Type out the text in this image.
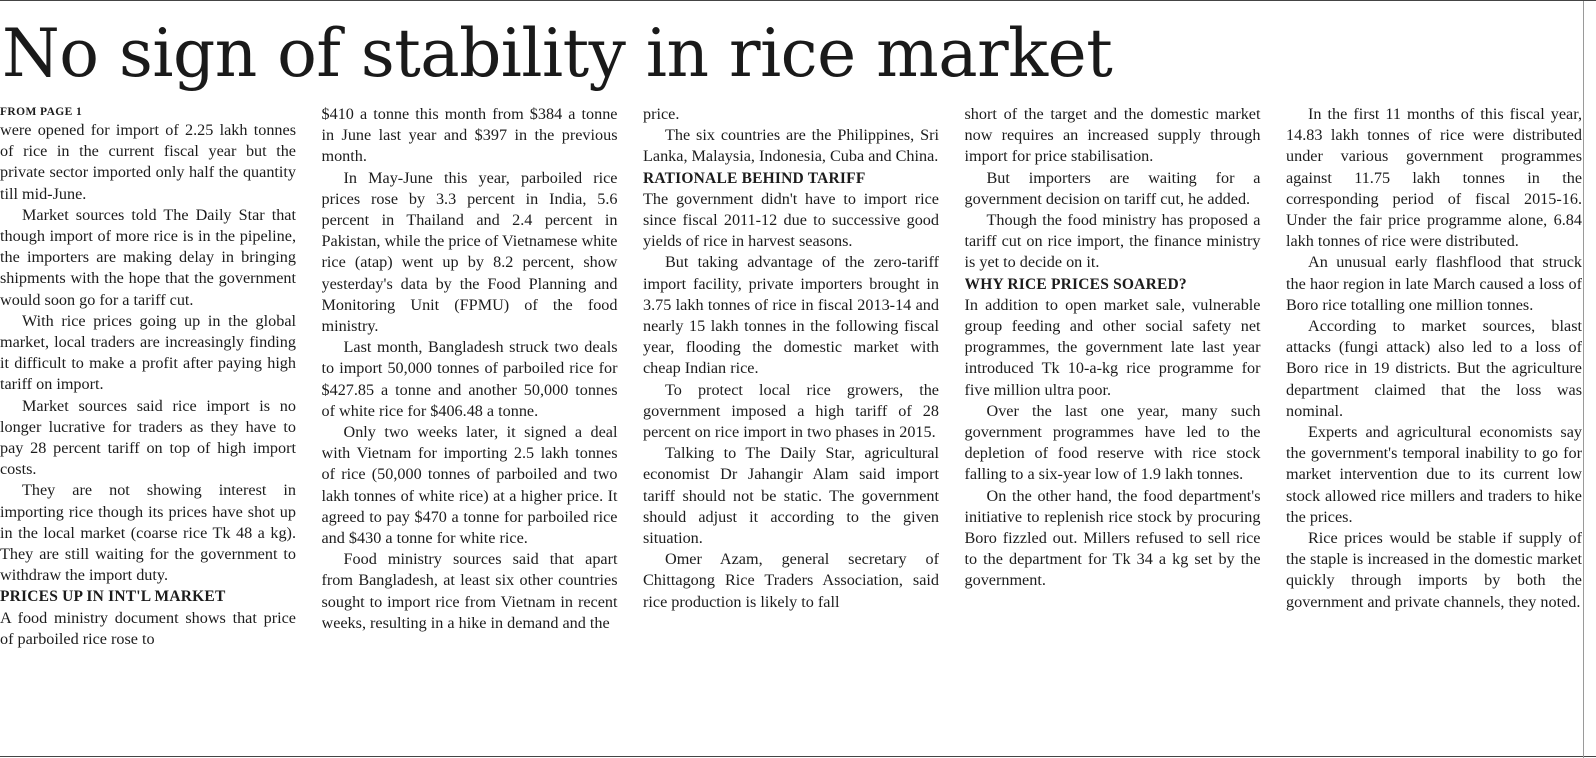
No sign of stability in rice market
FROM PAGE 1

were opened for import of 2.25 lakh tonnes of rice in the current fiscal year but the private sector imported only half the quantity till mid-June.

Market sources told The Daily Star that though import of more rice is in the pipeline, the importers are making delay in bringing shipments with the hope that the government would soon go for a tariff cut.

With rice prices going up in the global market, local traders are increasingly finding it difficult to make a profit after paying high tariff on import.

Market sources said rice import is no longer lucrative for traders as they have to pay 28 percent tariff on top of high import costs.

They are not showing interest in importing rice though its prices have shot up in the local market (coarse rice Tk 48 a kg). They are still waiting for the government to withdraw the import duty.

PRICES UP IN INT'L MARKET

A food ministry document shows that price of parboiled rice rose to

$410 a tonne this month from $384 a tonne in June last year and $397 in the previous month.

In May-June this year, parboiled rice prices rose by 3.3 percent in India, 5.6 percent in Thailand and 2.4 percent in Pakistan, while the price of Vietnamese white rice (atap) went up by 8.2 percent, show yesterday's data by the Food Planning and Monitoring Unit (FPMU) of the food ministry.

Last month, Bangladesh struck two deals to import 50,000 tonnes of parboiled rice for $427.85 a tonne and another 50,000 tonnes of white rice for $406.48 a tonne.

Only two weeks later, it signed a deal with Vietnam for importing 2.5 lakh tonnes of rice (50,000 tonnes of parboiled and two lakh tonnes of white rice) at a higher price. It agreed to pay $470 a tonne for parboiled rice and $430 a tonne for white rice.

Food ministry sources said that apart from Bangladesh, at least six other countries sought to import rice from Vietnam in recent weeks, resulting in a hike in demand and the

price.

The six countries are the Philippines, Sri Lanka, Malaysia, Indonesia, Cuba and China.

RATIONALE BEHIND TARIFF

The government didn't have to import rice since fiscal 2011-12 due to successive good yields of rice in harvest seasons.

But taking advantage of the zero-tariff import facility, private importers brought in 3.75 lakh tonnes of rice in fiscal 2013-14 and nearly 15 lakh tonnes in the following fiscal year, flooding the domestic market with cheap Indian rice.

To protect local rice growers, the government imposed a high tariff of 28 percent on rice import in two phases in 2015.

Talking to The Daily Star, agricultural economist Dr Jahangir Alam said import tariff should not be static. The government should adjust it according to the given situation.

Omer Azam, general secretary of Chittagong Rice Traders Association, said rice production is likely to fall

short of the target and the domestic market now requires an increased supply through import for price stabilisation.

But importers are waiting for a government decision on tariff cut, he added.

Though the food ministry has proposed a tariff cut on rice import, the finance ministry is yet to decide on it.

WHY RICE PRICES SOARED?

In addition to open market sale, vulnerable group feeding and other social safety net programmes, the government late last year introduced Tk 10-a-kg rice programme for five million ultra poor.

Over the last one year, many such government programmes have led to the depletion of food reserve with rice stock falling to a six-year low of 1.9 lakh tonnes.

On the other hand, the food department's initiative to replenish rice stock by procuring Boro fizzled out. Millers refused to sell rice to the department for Tk 34 a kg set by the government.

In the first 11 months of this fiscal year, 14.83 lakh tonnes of rice were distributed under various government programmes against 11.75 lakh tonnes in the corresponding period of fiscal 2015-16. Under the fair price programme alone, 6.84 lakh tonnes of rice were distributed.

An unusual early flashflood that struck the haor region in late March caused a loss of Boro rice totalling one million tonnes.

According to market sources, blast attacks (fungi attack) also led to a loss of Boro rice in 19 districts. But the agriculture department claimed that the loss was nominal.

Experts and agricultural economists say the government's temporal inability to go for market intervention due to its current low stock allowed rice millers and traders to hike the prices.

Rice prices would be stable if supply of the staple is increased in the domestic market quickly through imports by both the government and private channels, they noted.
